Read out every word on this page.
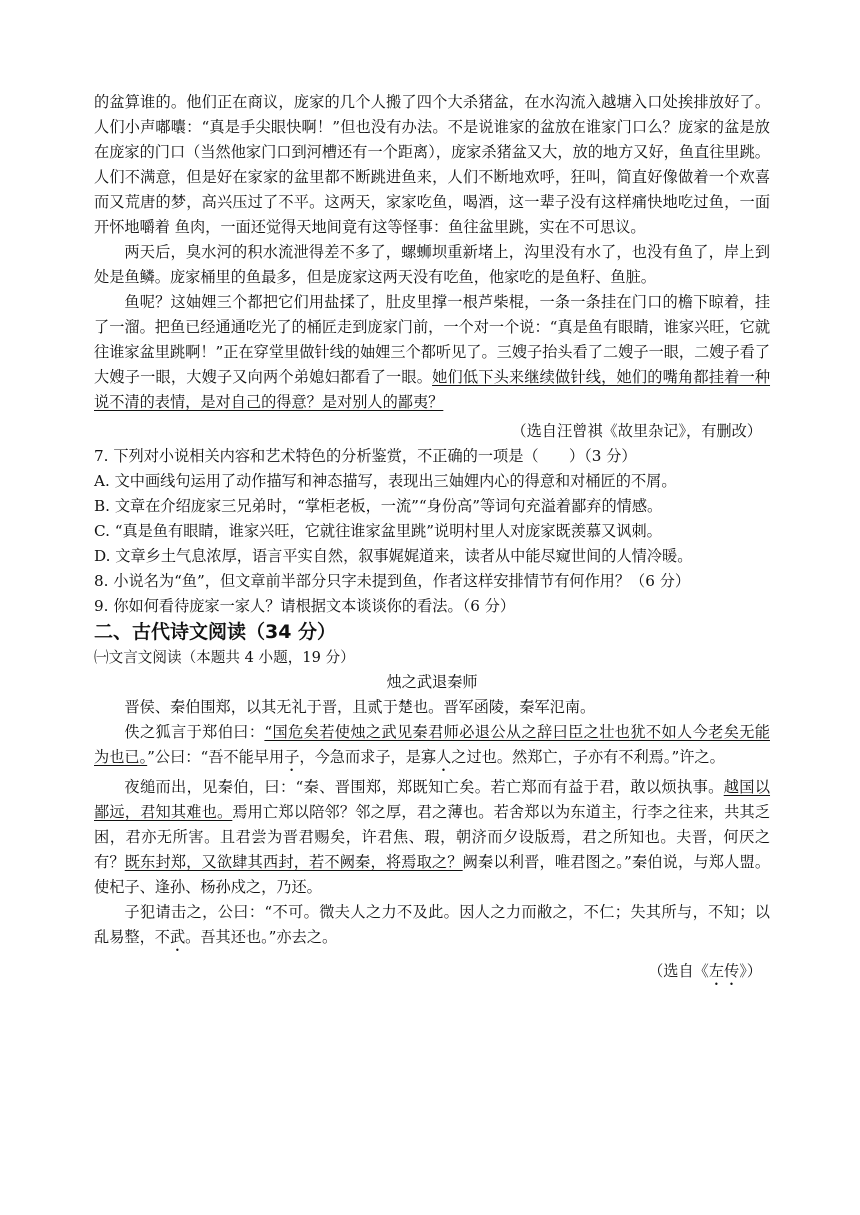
的盆算谁的。他们正在商议，庞家的几个人搬了四个大杀猪盆，在水沟流入越塘入口处挨排放好了。人们小声嘟囔：“真是手尖眼快啊！”但也没有办法。不是说谁家的盆放在谁家门口么？庞家的盆是放在庞家的门口（当然他家门口到河槽还有一个距离），庞家杀猪盆又大，放的地方又好，鱼直往里跳。人们不满意，但是好在家家的盆里都不断跳进鱼来，人们不断地欢呼，狂叫，简直好像做着一个欢喜而又荒唐的梦，高兴压过了不平。这两天，家家吃鱼，喝酒，这一辈子没有这样痛快地吃过鱼，一面开怀地嚼着 鱼肉，一面还觉得天地间竟有这等怪事：鱼往盆里跳，实在不可思议。

两天后，臭水河的积水流泄得差不多了，螺蛳坝重新堵上，沟里没有水了，也没有鱼了，岸上到处是鱼鳞。庞家桶里的鱼最多，但是庞家这两天没有吃鱼，他家吃的是鱼籽、鱼脏。

鱼呢？这妯娌三个都把它们用盐揉了，肚皮里撑一根芦柴棍，一条一条挂在门口的檐下晾着，挂了一溜。把鱼已经通通吃光了的桶匠走到庞家门前，一个对一个说：“真是鱼有眼睛，谁家兴旺，它就往谁家盆里跳啊！”正在穿堂里做针线的妯娌三个都听见了。三嫂子抬头看了二嫂子一眼，二嫂子看了大嫂子一眼，大嫂子又向两个弟媳妇都看了一眼。她们低下头来继续做针线，她们的嘴角都挂着一种说不清的表情，是对自己的得意？是对别人的鄙夷？

（选自汪曾祺《故里杂记》，有删改）

7. 下列对小说相关内容和艺术特色的分析鉴赏，不正确的一项是（　　）（3 分）

A. 文中画线句运用了动作描写和神态描写，表现出三妯娌内心的得意和对桶匠的不屑。

B. 文章在介绍庞家三兄弟时，“掌柜老板，一流”“身份高”等词句充溢着鄙弃的情感。

C. “真是鱼有眼睛，谁家兴旺，它就往谁家盆里跳”说明村里人对庞家既羡慕又讽刺。

D. 文章乡土气息浓厚，语言平实自然，叙事娓娓道来，读者从中能尽窥世间的人情冷暖。

8. 小说名为“鱼”，但文章前半部分只字未提到鱼，作者这样安排情节有何作用？（6 分）

9. 你如何看待庞家一家人？请根据文本谈谈你的看法。（6 分）

二、古代诗文阅读（34 分）

㈠文言文阅读（本题共 4 小题，19 分）

烛之武退秦师

晋侯、秦伯围郑，以其无礼于晋，且贰于楚也。晋军函陵，秦军氾南。

佚之狐言于郑伯曰：“国危矣若使烛之武见秦君师必退公从之辞曰臣之壮也犹不如人今老矣无能为也已。”公曰：“吾不能早用子，今急而求子，是寡人之过也。然郑亡，子亦有不利焉。”许之。

夜缒而出，见秦伯，曰：“秦、晋围郑，郑既知亡矣。若亡郑而有益于君，敢以烦执事。越国以鄙远，君知其难也。焉用亡郑以陪邻？邻之厚，君之薄也。若舍郑以为东道主，行李之往来，共其乏困，君亦无所害。且君尝为晋君赐矣，许君焦、瑕，朝济而夕设版焉，君之所知也。夫晋，何厌之有？既东封郑，又欲肆其西封，若不阙秦，将焉取之？阙秦以利晋，唯君图之。”秦伯说，与郑人盟。使杞子、逢孙、杨孙戍之，乃还。

子犯请击之，公曰：“不可。微夫人之力不及此。因人之力而敝之，不仁；失其所与，不知；以乱易整，不武。吾其还也。”亦去之。

（选自《左传》）
